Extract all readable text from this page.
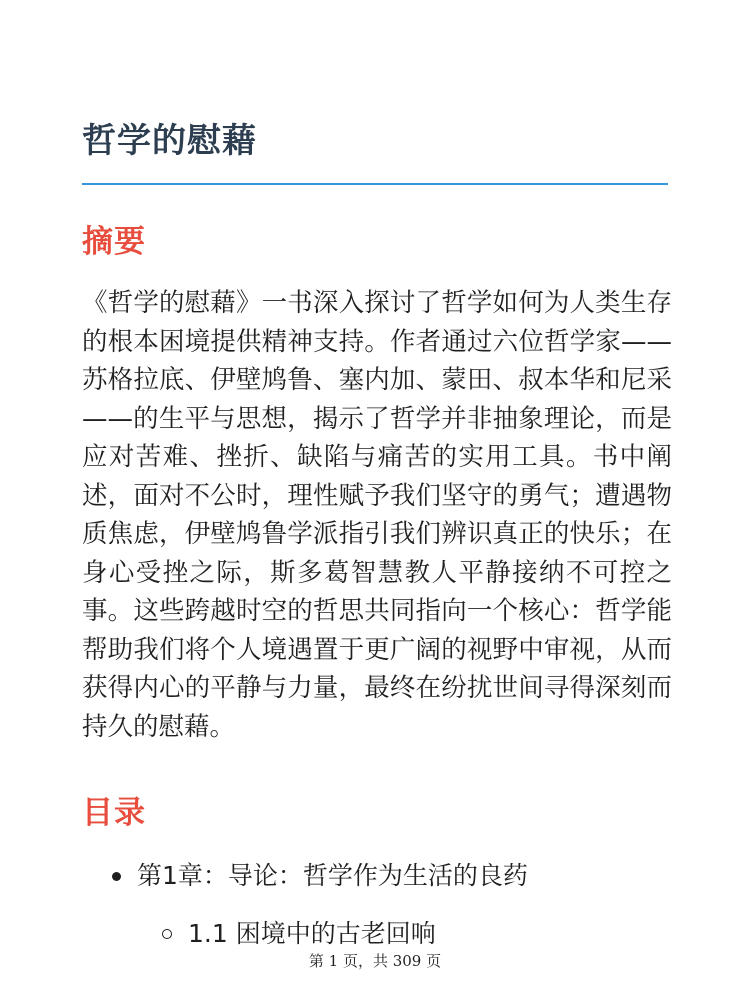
哲学的慰藉
摘要

《哲学的慰藉》一书深入探讨了哲学如何为人类生存的根本困境提供精神支持。作者通过六位哲学家——苏格拉底、伊壁鸠鲁、塞内加、蒙田、叔本华和尼采——的生平与思想，揭示了哲学并非抽象理论，而是应对苦难、挫折、缺陷与痛苦的实用工具。书中阐述，面对不公时，理性赋予我们坚守的勇气；遭遇物质焦虑，伊壁鸠鲁学派指引我们辨识真正的快乐；在身心受挫之际，斯多葛智慧教人平静接纳不可控之事。这些跨越时空的哲思共同指向一个核心：哲学能帮助我们将个人境遇置于更广阔的视野中审视，从而获得内心的平静与力量，最终在纷扰世间寻得深刻而持久的慰藉。

目录
第1章：导论：哲学作为生活的良药
1.1 困境中的古老回响
第 1 页，共 309 页
